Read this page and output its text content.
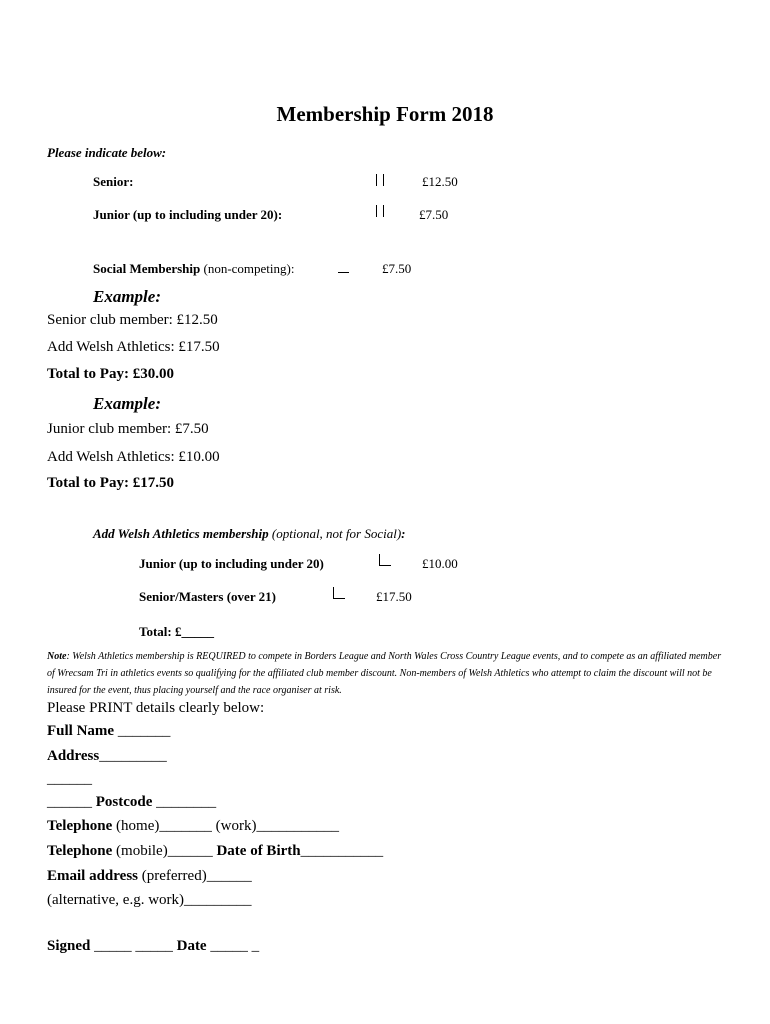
Membership Form 2018
Please indicate below:
Senior:	£12.50
Junior (up to including under 20):	£7.50
Social Membership (non-competing):	£7.50
Example:
Senior club member: £12.50
Add Welsh Athletics: £17.50
Total to Pay: £30.00
Example:
Junior club member: £7.50
Add Welsh Athletics: £10.00
Total to Pay: £17.50
Add Welsh Athletics membership (optional, not for Social):
Junior (up to including under 20)	£10.00
Senior/Masters (over 21)	£17.50
Total: £_____
Note: Welsh Athletics membership is REQUIRED to compete in Borders League and North Wales Cross Country League events, and to compete as an affiliated member of Wrecsam Tri in athletics events so qualifying for the affiliated club member discount. Non-members of Welsh Athletics who attempt to claim the discount will not be insured for the event, thus placing yourself and the race organiser at risk.
Please PRINT details clearly below:
Full Name _______
Address_________
______
______ Postcode ________
Telephone (home)_______ (work)___________
Telephone (mobile)______ Date of Birth___________
Email address (preferred)______
(alternative, e.g. work)_________
Signed _____ _____ Date _____ _
